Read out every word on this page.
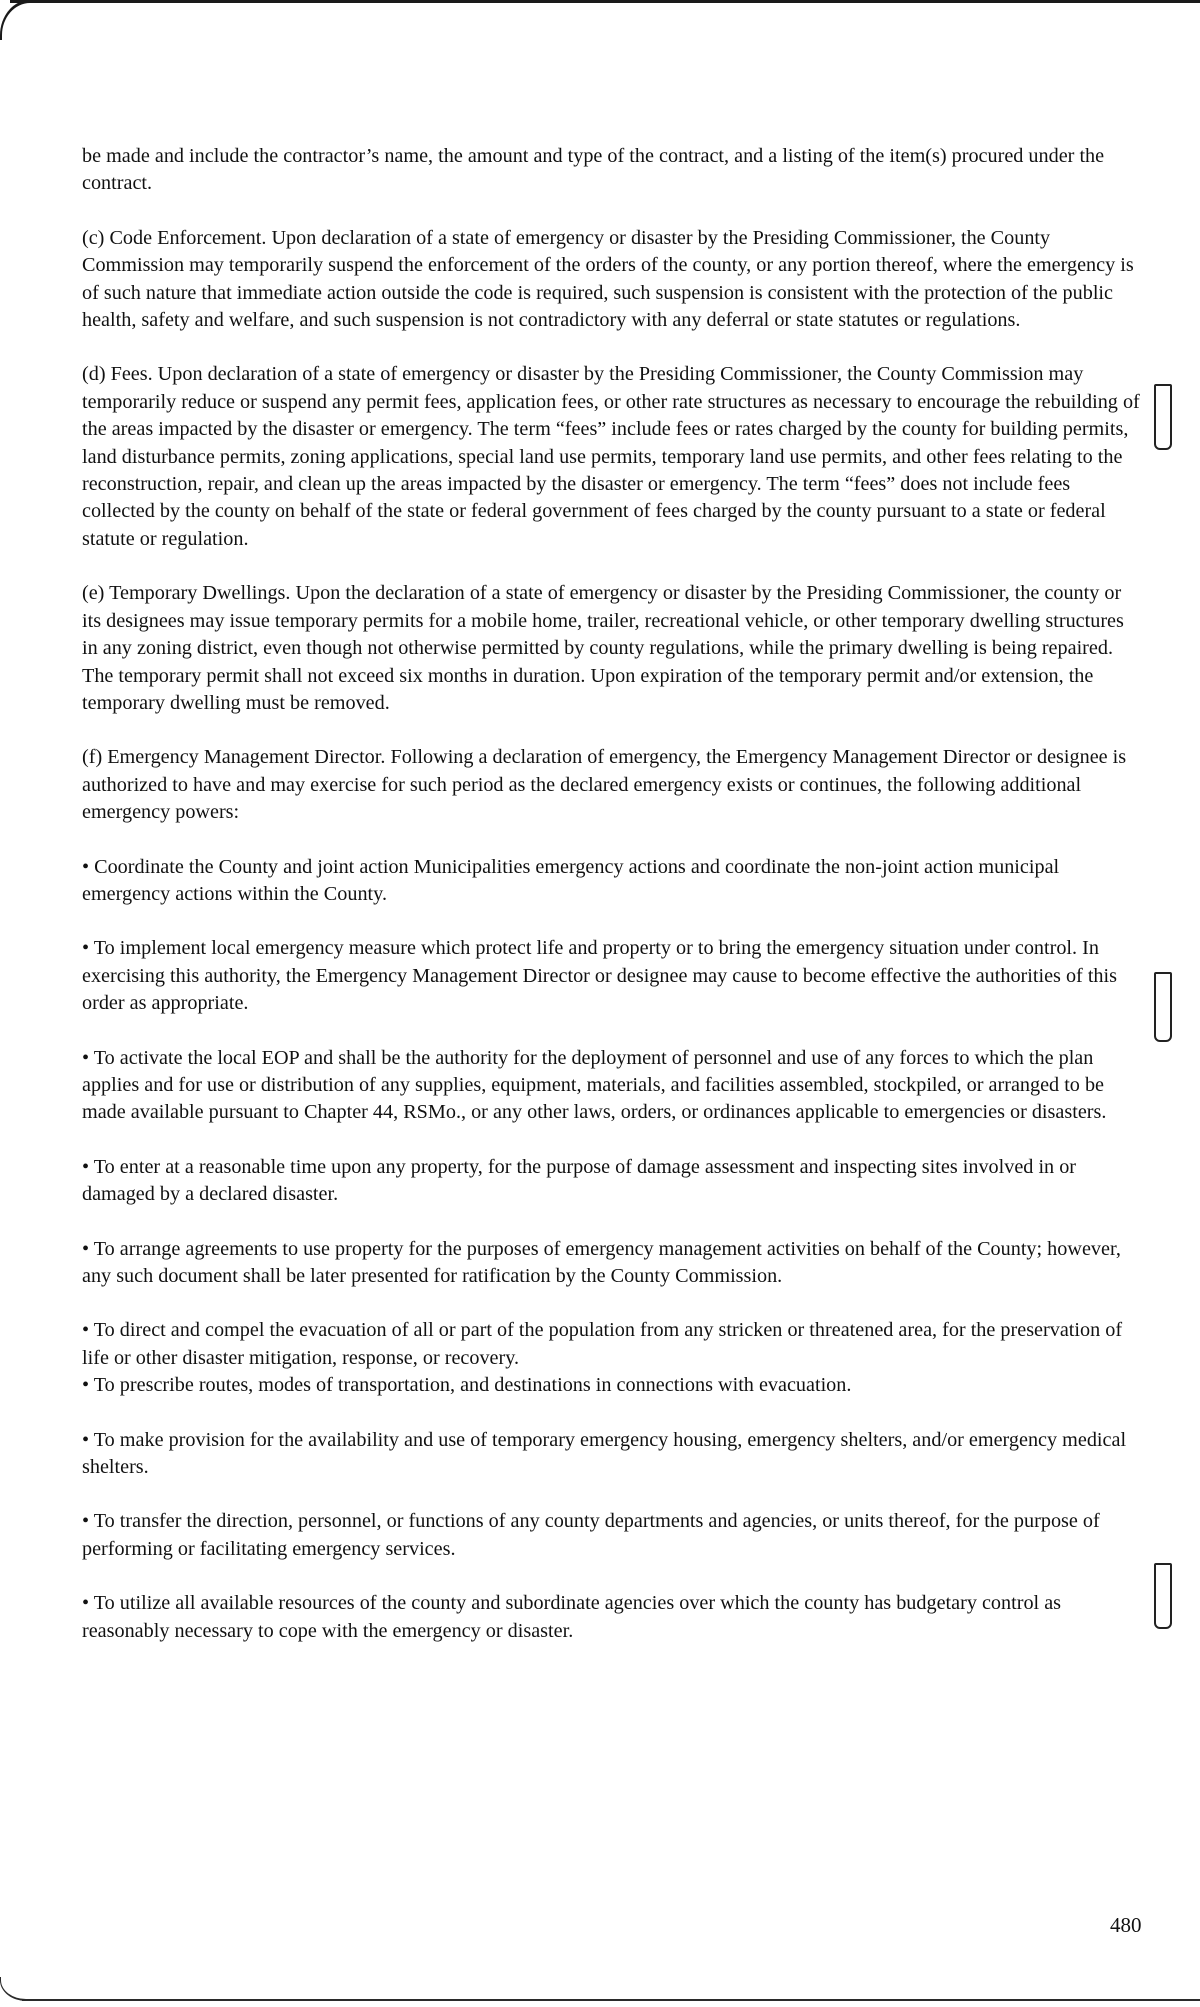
be made and include the contractor’s name, the amount and type of the contract, and a listing of the item(s) procured under the contract.

(c) Code Enforcement. Upon declaration of a state of emergency or disaster by the Presiding Commissioner, the County Commission may temporarily suspend the enforcement of the orders of the county, or any portion thereof, where the emergency is of such nature that immediate action outside the code is required, such suspension is consistent with the protection of the public health, safety and welfare, and such suspension is not contradictory with any deferral or state statutes or regulations.

(d) Fees. Upon declaration of a state of emergency or disaster by the Presiding Commissioner, the County Commission may temporarily reduce or suspend any permit fees, application fees, or other rate structures as necessary to encourage the rebuilding of the areas impacted by the disaster or emergency. The term “fees” include fees or rates charged by the county for building permits, land disturbance permits, zoning applications, special land use permits, temporary land use permits, and other fees relating to the reconstruction, repair, and clean up the areas impacted by the disaster or emergency. The term “fees” does not include fees collected by the county on behalf of the state or federal government of fees charged by the county pursuant to a state or federal statute or regulation.

(e) Temporary Dwellings. Upon the declaration of a state of emergency or disaster by the Presiding Commissioner, the county or its designees may issue temporary permits for a mobile home, trailer, recreational vehicle, or other temporary dwelling structures in any zoning district, even though not otherwise permitted by county regulations, while the primary dwelling is being repaired. The temporary permit shall not exceed six months in duration. Upon expiration of the temporary permit and/or extension, the temporary dwelling must be removed.

(f) Emergency Management Director. Following a declaration of emergency, the Emergency Management Director or designee is authorized to have and may exercise for such period as the declared emergency exists or continues, the following additional emergency powers:

• Coordinate the County and joint action Municipalities emergency actions and coordinate the non-joint action municipal emergency actions within the County.

• To implement local emergency measure which protect life and property or to bring the emergency situation under control. In exercising this authority, the Emergency Management Director or designee may cause to become effective the authorities of this order as appropriate.

• To activate the local EOP and shall be the authority for the deployment of personnel and use of any forces to which the plan applies and for use or distribution of any supplies, equipment, materials, and facilities assembled, stockpiled, or arranged to be made available pursuant to Chapter 44, RSMo., or any other laws, orders, or ordinances applicable to emergencies or disasters.

• To enter at a reasonable time upon any property, for the purpose of damage assessment and inspecting sites involved in or damaged by a declared disaster.

• To arrange agreements to use property for the purposes of emergency management activities on behalf of the County; however, any such document shall be later presented for ratification by the County Commission.

• To direct and compel the evacuation of all or part of the population from any stricken or threatened area, for the preservation of life or other disaster mitigation, response, or recovery.

• To prescribe routes, modes of transportation, and destinations in connections with evacuation.

• To make provision for the availability and use of temporary emergency housing, emergency shelters, and/or emergency medical shelters.

• To transfer the direction, personnel, or functions of any county departments and agencies, or units thereof, for the purpose of performing or facilitating emergency services.

• To utilize all available resources of the county and subordinate agencies over which the county has budgetary control as reasonably necessary to cope with the emergency or disaster.

480
